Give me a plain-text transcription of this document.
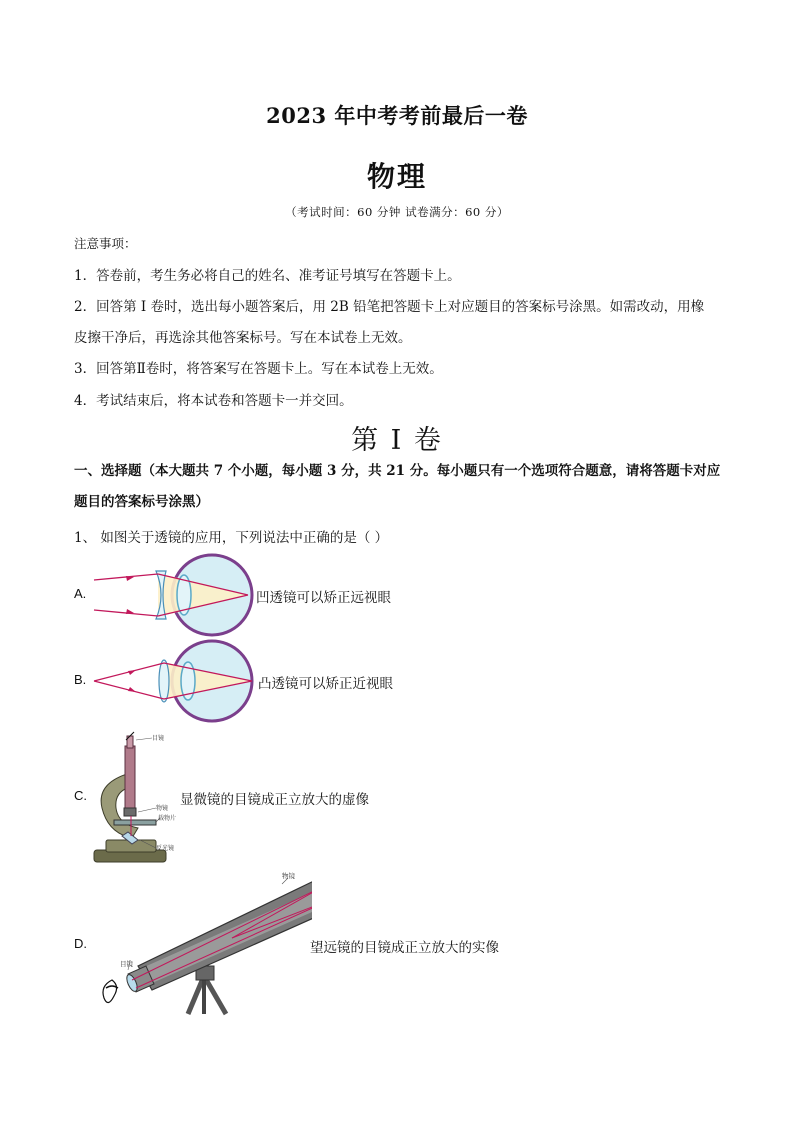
2023 年中考考前最后一卷
物理
（考试时间：60 分钟 试卷满分：60 分）
注意事项：
1．答卷前，考生务必将自己的姓名、准考证号填写在答题卡上。
2．回答第 I 卷时，选出每小题答案后，用 2B 铅笔把答题卡上对应题目的答案标号涂黑。如需改动，用橡
皮擦干净后，再选涂其他答案标号。写在本试卷上无效。
3．回答第Ⅱ卷时，将答案写在答题卡上。写在本试卷上无效。
4．考试结束后，将本试卷和答题卡一并交回。
第 I 卷
一、选择题（本大题共 7 个小题，每小题 3 分，共 21 分。每小题只有一个选项符合题意，请将答题卡对应
题目的答案标号涂黑）
1、 如图关于透镜的应用，下列说法中正确的是（ ）
A.	凹透镜可以矫正远视眼
B.	凸透镜可以矫正近视眼
C.
目镜
物镜
载物片
反光镜
显微镜的目镜成正立放大的虚像
D.
物镜
目镜
望远镜的目镜成正立放大的实像
